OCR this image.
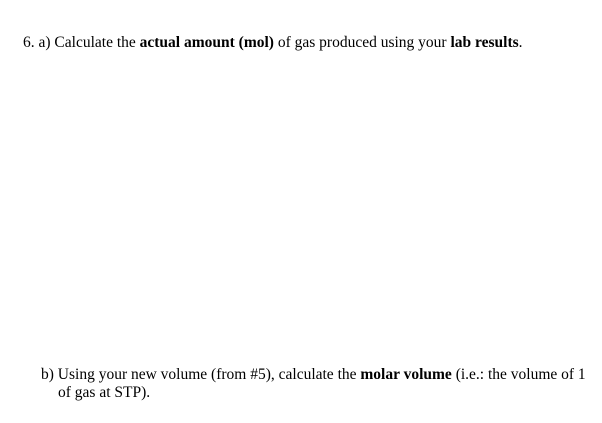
6. a) Calculate the actual amount (mol) of gas produced using your lab results.
b) Using your new volume (from #5), calculate the molar volume (i.e.: the volume of 1
of gas at STP).
